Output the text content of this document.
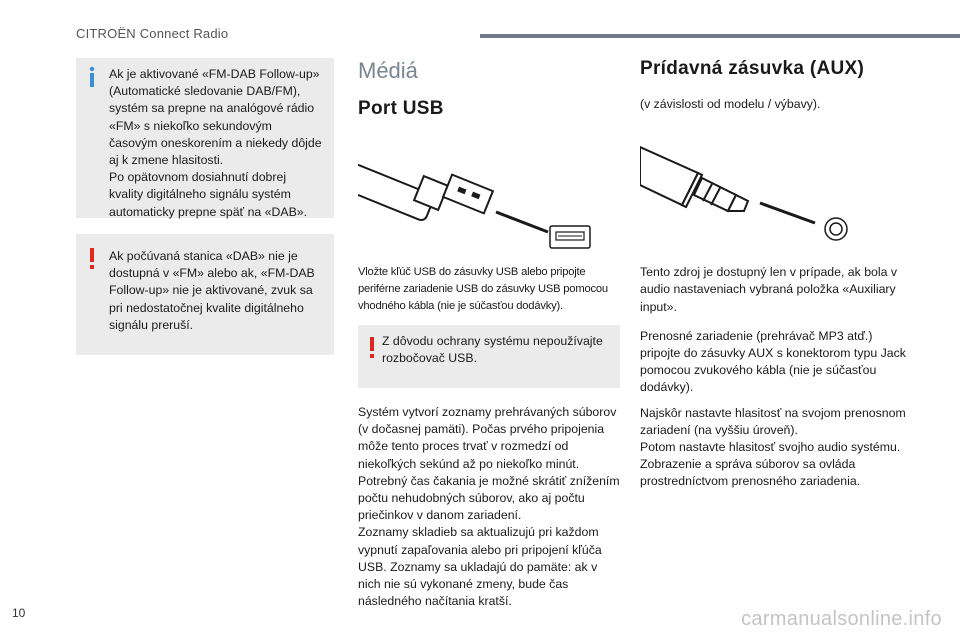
CITROËN Connect Radio

Ak je aktivované «FM-DAB Follow-up» (Automatické sledovanie DAB/FM), systém sa prepne na analógové rádio «FM» s niekoľko sekundovým časovým oneskorením a niekedy dôjde aj k zmene hlasitosti.

Po opätovnom dosiahnutí dobrej kvality digitálneho signálu systém automaticky prepne späť na «DAB».

Ak počúvaná stanica «DAB» nie je dostupná v «FM» alebo ak, «FM-DAB Follow-up» nie je aktivované, zvuk sa pri nedostatočnej kvalite digitálneho signálu preruší.

Médiá
Port USB

Vložte kľúč USB do zásuvky USB alebo pripojte periférne zariadenie USB do zásuvky USB pomocou vhodného kábla (nie je súčasťou dodávky).

Z dôvodu ochrany systému nepoužívajte rozbočovač USB.

Systém vytvorí zoznamy prehrávaných súborov (v dočasnej pamäti). Počas prvého pripojenia môže tento proces trvať v rozmedzí od niekoľkých sekúnd až po niekoľko minút.

Potrebný čas čakania je možné skrátiť znížením počtu nehudobných súborov, ako aj počtu priečinkov v danom zariadení.

Zoznamy skladieb sa aktualizujú pri každom vypnutí zapaľovania alebo pri pripojení kľúča USB. Zoznamy sa ukladajú do pamäte: ak v nich nie sú vykonané zmeny, bude čas následného načítania kratší.

Prídavná zásuvka (AUX)

(v závislosti od modelu / výbavy).

Tento zdroj je dostupný len v prípade, ak bola v audio nastaveniach vybraná položka «Auxiliary input».

Prenosné zariadenie (prehrávač MP3 atď.) pripojte do zásuvky AUX s konektorom typu Jack pomocou zvukového kábla (nie je súčasťou dodávky).

Najskôr nastavte hlasitosť na svojom prenosnom zariadení (na vyššiu úroveň).

Potom nastavte hlasitosť svojho audio systému.

Zobrazenie a správa súborov sa ovláda prostredníctvom prenosného zariadenia.

10	carmanualsonline.info
